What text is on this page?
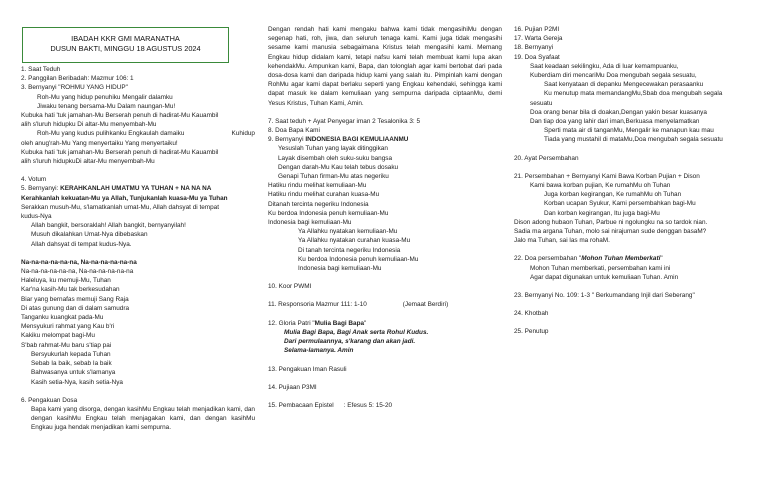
IBADAH KKR GMI MARANATHA
DUSUN BAKTI, MINGGU 18 AGUSTUS 2024
1. Saat Teduh
2. Panggilan Beribadah: Mazmur 106: 1
3. Bernyanyi "ROHMU YANG HIDUP"
Roh-Mu yang hidup penuhiku Mengalir dalamku
Jiwaku tenang bersama-Mu Dalam naungan-Mu!
Kubuka hati 'tuk jamahan-Mu Berserah penuh di hadirat-Mu Kauambil
alih s'luruh hidupku Di altar-Mu menyembah-Mu
Roh-Mu yang kudus pulihkanku Engkaulah damaiku	Kuhidup
oleh anug'rah-Mu Yang menyertaiku Yang menyertaiku!
Kubuka hati 'tuk jamahan-Mu Berserah penuh di hadirat-Mu Kauambil
alih s'luruh hidupkuDi altar-Mu menyembah-Mu
4. Votum
5. Bernyanyi: KERAHKANLAH UMATMU YA TUHAN + NA NA NA
Kerahkanlah kekuatan-Mu ya Allah, Tunjukanlah kuasa-Mu ya Tuhan
Serakkan musuh-Mu, s'lamatkanlah umat-Mu, Allah dahsyat di tempat
kudus-Nya
Allah bangkit, bersoraklah! Allah bangkit, bernyanyilah!
Musuh dikalahkan Umat-Nya dibebaskan
Allah dahsyat di tempat kudus-Nya.
Na-na-na-na-na-na, Na-na-na-na-na-na
Na-na-na-na-na-na, Na-na-na-na-na-na
Haleluya, ku memuji-Mu, Tuhan
Kar'na kasih-Mu tak berkesudahan
Biar yang bernafas memuji Sang Raja
Di atas gunung dan di dalam samudra
Tanganku kuangkat pada-Mu
Mensyukuri rahmat yang Kau b'ri
Kakiku melompat bagi-Mu
S'bab rahmat-Mu baru s'tiap pai
Bersyukurlah kepada Tuhan
Sebab Ia baik, sebab Ia baik
Bahwasanya untuk s'lamanya
Kasih setia-Nya, kasih setia-Nya
6. Pengakuan Dosa
Bapa kami yang disorga, dengan kasihMu Engkau telah menjadikan kami, dan dengan kasihMu Engkau telah menjagakan kami, dan dengan kasihMu Engkau juga hendak menjadikan kami sempurna.
Dengan rendah hati kami mengaku bahwa kami tidak mengasihiMu dengan segenap hati, roh, jiwa, dan seluruh tenaga kami. Kami juga tidak mengasihi sesame kami manusia sebagaimana Kristus telah mengasihi kami. Memang Engkau hidup didalam kami, tetapi nafsu kami telah membuat kami lupa akan kehendakMu. Ampunkan kami, Bapa, dan tolonglah agar kami bertobat dari pada dosa-dosa kami dan daripada hidup kami yang salah itu. Pimpinlah kami dengan RohMu agar kami dapat berlaku seperti yang Engkau kehendaki, sehingga kami dapat masuk ke dalam kemuliaan yang sempurna daripada ciptaanMu, demi Yesus Kristus, Tuhan Kami, Amin.
7. Saat teduh + Ayat Penyegar iman 2 Tesalonika 3: 5
8. Doa Bapa Kami
9. Bernyanyi INDONESIA BAGI KEMULIAANMU
Yesuslah Tuhan yang layak ditinggikan
Layak disembah oleh suku-suku bangsa
Dengan darah-Mu Kau telah tebus dosaku
Genapi Tuhan firman-Mu atas negeriku
Hatiku rindu melihat kemuliaan-Mu
Hatiku rindu melihat curahan kuasa-Mu
Ditanah tercinta negeriku Indonesia
Ku berdoa Indonesia penuh kemuliaan-Mu
Indonesia bagi kemuliaan-Mu
Ya Allahku nyatakan kemuliaan-Mu
Ya Allahku nyatakan curahan kuasa-Mu
Di tanah tercinta negeriku Indonesia
Ku berdoa Indonesia penuh kemuliaan-Mu
Indonesia bagi kemuliaan-Mu
10. Koor PWMI
11. Responsoria Mazmur 111: 1-10	(Jemaat Berdiri)
12. Gloria Patri "Mulia Bagi Bapa"
Mulia Bagi Bapa, Bagi Anak serta Rohul Kudus.
Dari permulaannya, s'karang dan akan jadi.
Selama-lamanya. Amin
13. Pengakuan Iman Rasuli
14. Pujiaan P3MI
15. Pembacaan Epistel : Efesus 5: 15-20
16. Pujian P2MI
17. Warta Gereja
18. Bernyanyi
19. Doa Syafaat
Saat keadaan sekilingku, Ada di luar kemampuanku,
Kuberdiam diri mencariMu Doa mengubah segala sesuatu,
Saat kenyataan di depanku Mengecewakan perasaanku
Ku menutup mata memandangMu,Sbab doa mengubah segala
sesuatu
Doa orang benar bila di doakan,Dengan yakin besar kuasanya
Dan tiap doa yang lahir dari iman,Berkuasa menyelamatkan
Sperti mata air di tanganMu, Mengalir ke manapun kau mau
Tiada yang mustahil di mataMu,Doa mengubah segala sesuatu
20. Ayat Persembahan
21. Persembahan + Bernyanyi Kami Bawa Korban Pujian + Dison
Kami bawa korban pujian, Ke rumahMu oh Tuhan
Juga korban kegirangan, Ke rumahMu oh Tuhan
Korban ucapan Syukur, Kami persembahkan bagi-Mu
Dan korban kegirangan, Itu juga bagi-Mu
Dison adong hubaon Tuhan, Parbue ni ngolungku na so tardok nian.
Sadia ma argana Tuhan, molo sai nirajuman sude denggan basaM?
Jalo ma Tuhan, sai las ma rohaM.
22. Doa persembahan "Mohon Tuhan Memberkati"
Mohon Tuhan memberkati, persembahan kami ini
Agar dapat digunakan untuk kemuliaan Tuhan. Amin
23. Bernyanyi No. 109: 1-3 " Berkumandang Injil dari Seberang"
24. Khotbah
25. Penutup
